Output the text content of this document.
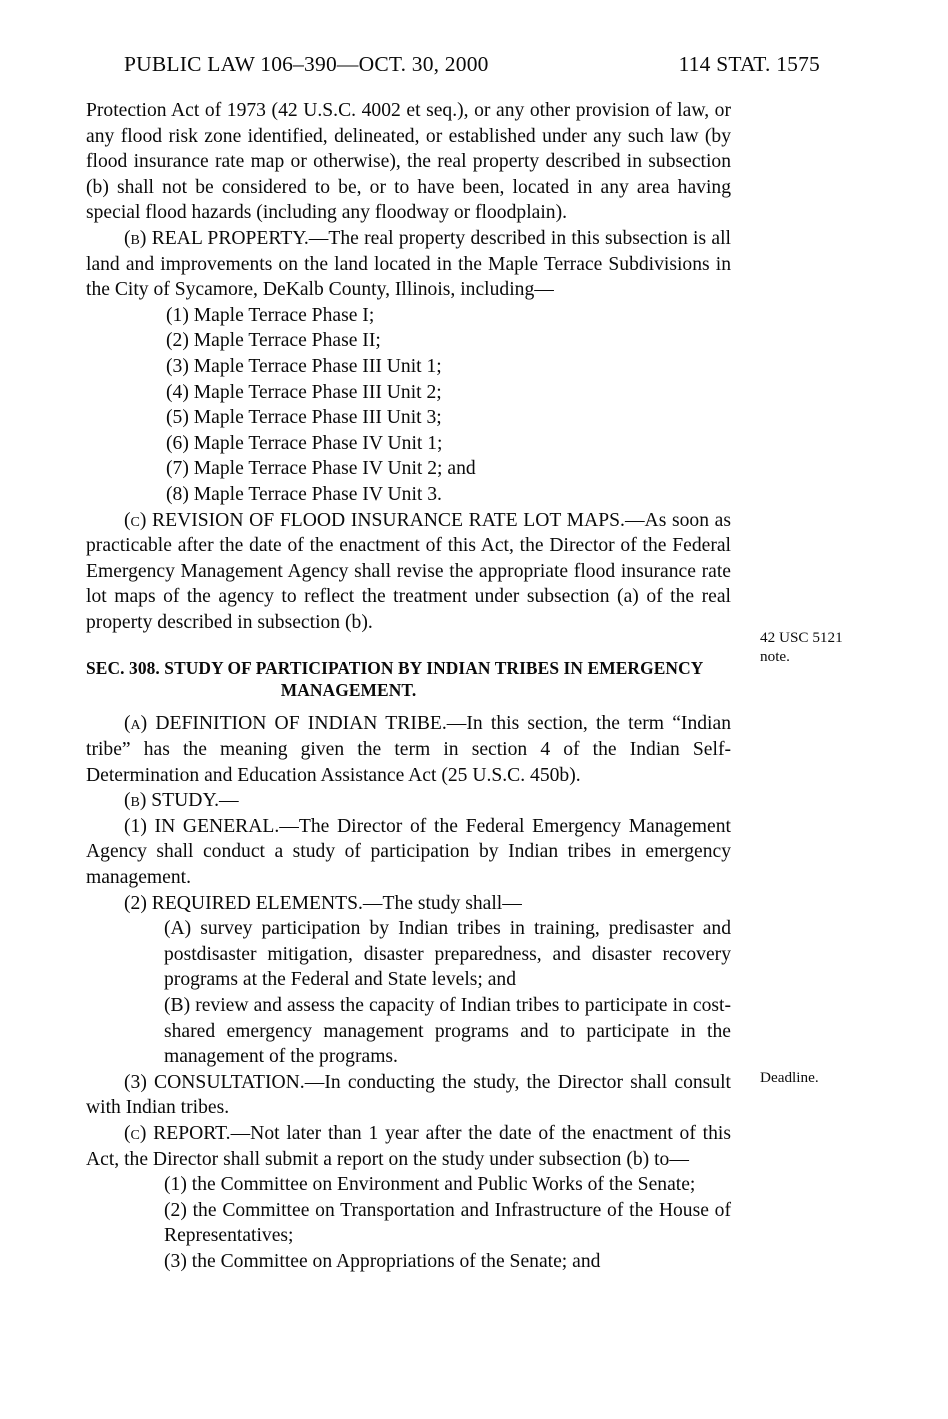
PUBLIC LAW 106–390—OCT. 30, 2000	114 STAT. 1575

Protection Act of 1973 (42 U.S.C. 4002 et seq.), or any other provision of law, or any flood risk zone identified, delineated, or established under any such law (by flood insurance rate map or otherwise), the real property described in subsection (b) shall not be considered to be, or to have been, located in any area having special flood hazards (including any floodway or floodplain).

(b) REAL PROPERTY.—The real property described in this subsection is all land and improvements on the land located in the Maple Terrace Subdivisions in the City of Sycamore, DeKalb County, Illinois, including—

(1) Maple Terrace Phase I;

(2) Maple Terrace Phase II;

(3) Maple Terrace Phase III Unit 1;

(4) Maple Terrace Phase III Unit 2;

(5) Maple Terrace Phase III Unit 3;

(6) Maple Terrace Phase IV Unit 1;

(7) Maple Terrace Phase IV Unit 2; and

(8) Maple Terrace Phase IV Unit 3.

(c) REVISION OF FLOOD INSURANCE RATE LOT MAPS.—As soon as practicable after the date of the enactment of this Act, the Director of the Federal Emergency Management Agency shall revise the appropriate flood insurance rate lot maps of the agency to reflect the treatment under subsection (a) of the real property described in subsection (b).

SEC. 308. STUDY OF PARTICIPATION BY INDIAN TRIBES IN EMERGENCY
MANAGEMENT.

(a) DEFINITION OF INDIAN TRIBE.—In this section, the term “Indian tribe” has the meaning given the term in section 4 of the Indian Self-Determination and Education Assistance Act (25 U.S.C. 450b).

(b) STUDY.—

(1) IN GENERAL.—The Director of the Federal Emergency Management Agency shall conduct a study of participation by Indian tribes in emergency management.

(2) REQUIRED ELEMENTS.—The study shall—

(A) survey participation by Indian tribes in training, predisaster and postdisaster mitigation, disaster preparedness, and disaster recovery programs at the Federal and State levels; and

(B) review and assess the capacity of Indian tribes to participate in cost-shared emergency management programs and to participate in the management of the programs.

(3) CONSULTATION.—In conducting the study, the Director shall consult with Indian tribes.

(c) REPORT.—Not later than 1 year after the date of the enactment of this Act, the Director shall submit a report on the study under subsection (b) to—

(1) the Committee on Environment and Public Works of the Senate;

(2) the Committee on Transportation and Infrastructure of the House of Representatives;

(3) the Committee on Appropriations of the Senate; and

42 USC 5121
note.
Deadline.
